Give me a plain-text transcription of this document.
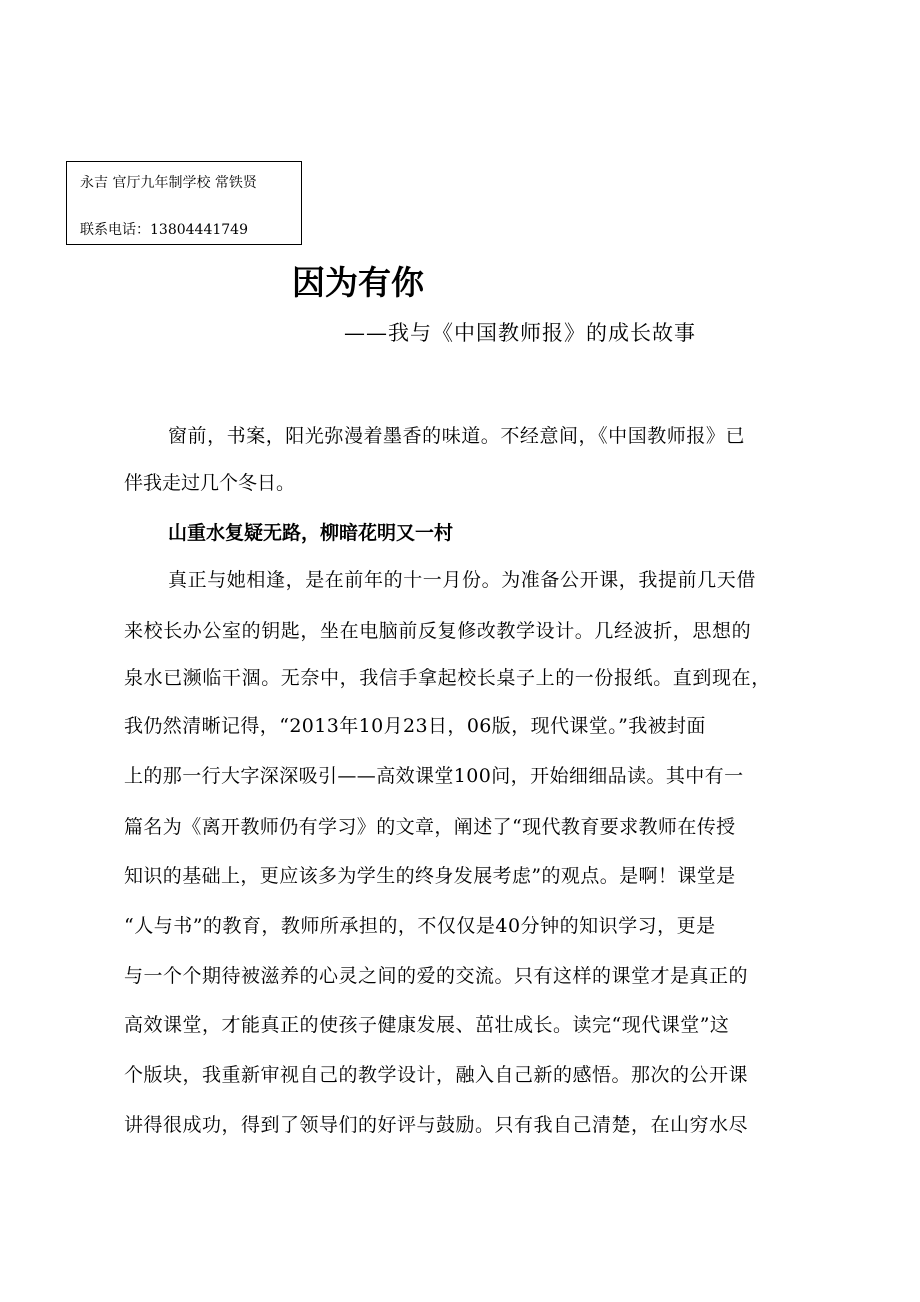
永吉 官厅九年制学校 常铁贤
联系电话：13804441749
因为有你
——我与《中国教师报》的成长故事
窗前，书案，阳光弥漫着墨香的味道。不经意间，《中国教师报》已
伴我走过几个冬日。
山重水复疑无路，柳暗花明又一村
真正与她相逢，是在前年的十一月份。为准备公开课，我提前几天借
来校长办公室的钥匙，坐在电脑前反复修改教学设计。几经波折，思想的
泉水已濒临干涸。无奈中，我信手拿起校长桌子上的一份报纸。直到现在，
我仍然清晰记得，“2013年10月23日，06版，现代课堂。”我被封面
上的那一行大字深深吸引——高效课堂100问，开始细细品读。其中有一
篇名为《离开教师仍有学习》的文章，阐述了“现代教育要求教师在传授
知识的基础上，更应该多为学生的终身发展考虑”的观点。是啊！课堂是
“人与书”的教育，教师所承担的，不仅仅是40分钟的知识学习，更是
与一个个期待被滋养的心灵之间的爱的交流。只有这样的课堂才是真正的
高效课堂，才能真正的使孩子健康发展、茁壮成长。读完“现代课堂”这
个版块，我重新审视自己的教学设计，融入自己新的感悟。那次的公开课
讲得很成功，得到了领导们的好评与鼓励。只有我自己清楚，在山穷水尽
